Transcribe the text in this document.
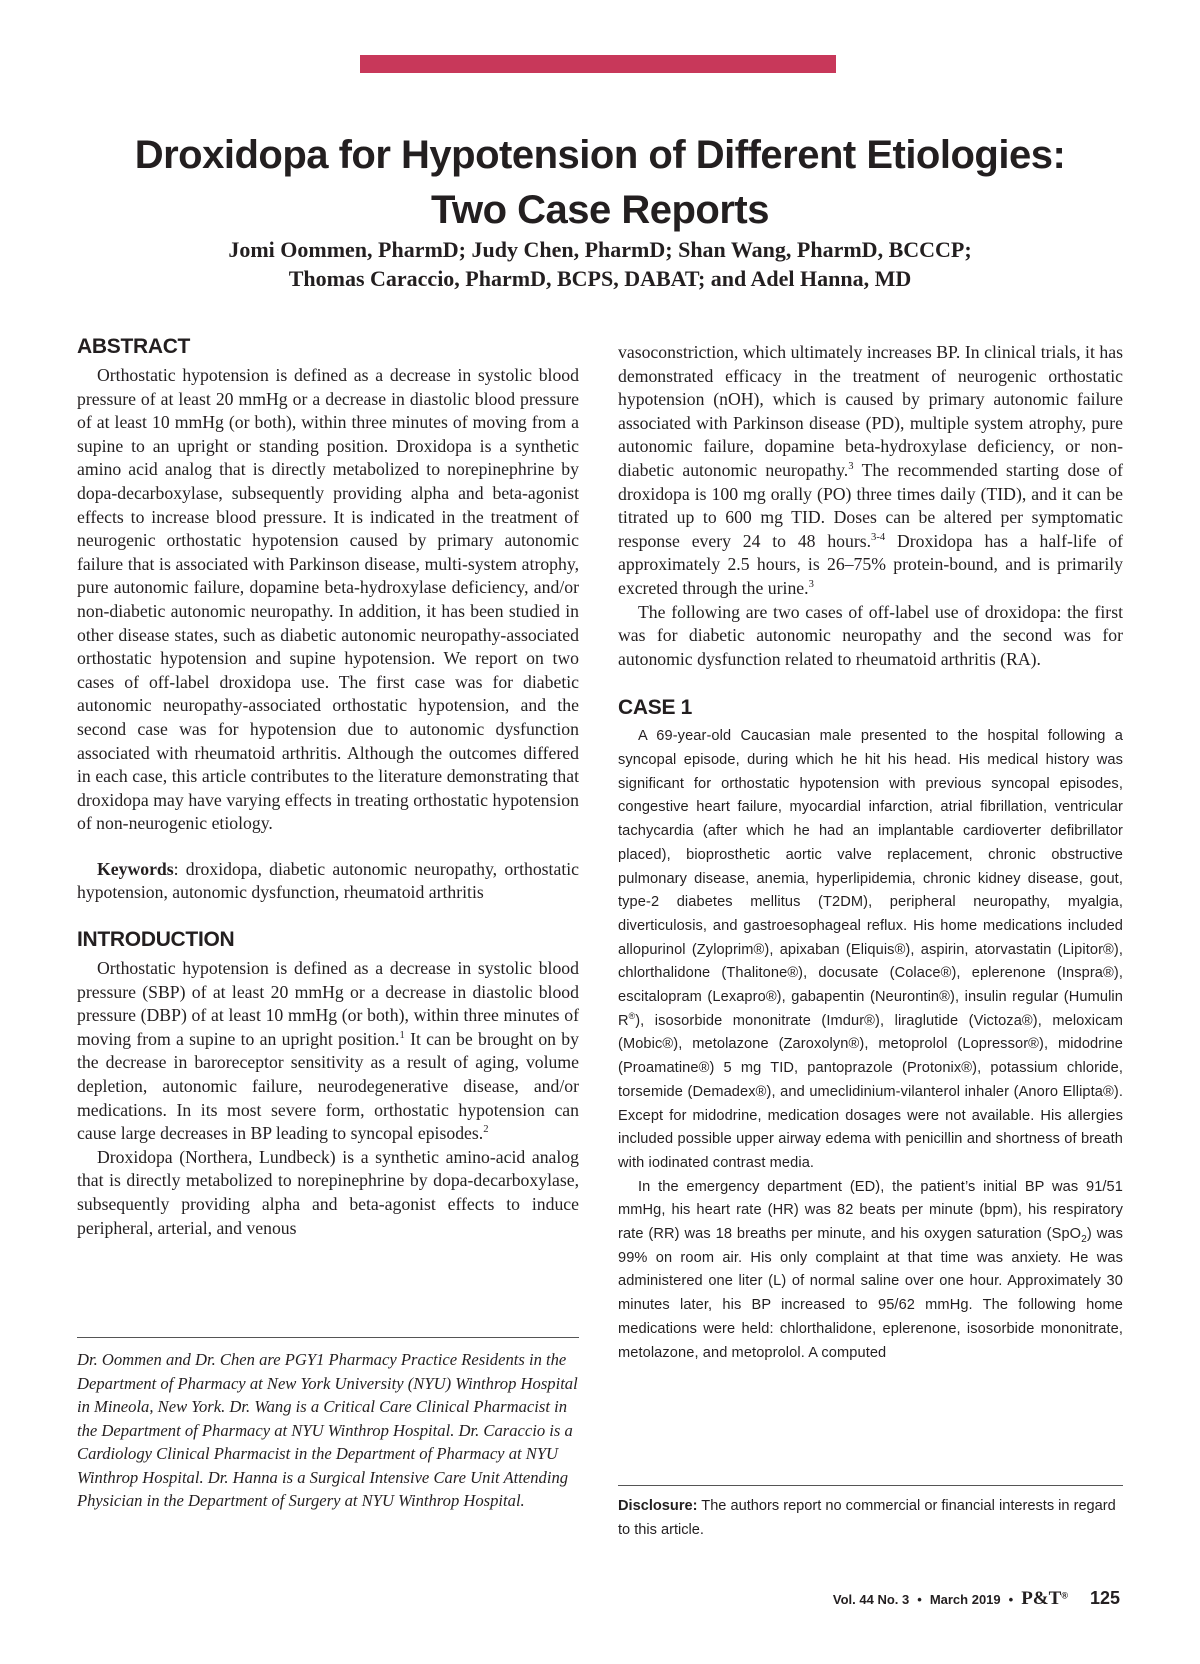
Droxidopa for Hypotension of Different Etiologies:
Two Case Reports

Jomi Oommen, PharmD; Judy Chen, PharmD; Shan Wang, PharmD, BCCCP;
Thomas Caraccio, PharmD, BCPS, DABAT; and Adel Hanna, MD

ABSTRACT

Orthostatic hypotension is defined as a decrease in systolic blood pressure of at least 20 mmHg or a decrease in diastolic blood pressure of at least 10 mmHg (or both), within three minutes of moving from a supine to an upright or standing position. Droxidopa is a synthetic amino acid analog that is directly metabolized to norepinephrine by dopa-decarboxylase, subsequently providing alpha and beta-agonist effects to increase blood pressure. It is indicated in the treatment of neurogenic orthostatic hypotension caused by primary autonomic failure that is associated with Parkinson disease, multi-system atrophy, pure autonomic failure, dopamine beta-hydroxylase deficiency, and/or non-diabetic autonomic neuropathy. In addition, it has been studied in other disease states, such as diabetic autonomic neuropathy-associated orthostatic hypotension and supine hypotension. We report on two cases of off-label droxidopa use. The first case was for diabetic autonomic neuropathy-associated orthostatic hypotension, and the second case was for hypotension due to autonomic dysfunction associated with rheumatoid arthritis. Although the outcomes differed in each case, this article contributes to the literature demonstrating that droxidopa may have varying effects in treating orthostatic hypotension of non-neurogenic etiology.

Keywords: droxidopa, diabetic autonomic neuropathy, orthostatic hypotension, autonomic dysfunction, rheumatoid arthritis

INTRODUCTION

Orthostatic hypotension is defined as a decrease in systolic blood pressure (SBP) of at least 20 mmHg or a decrease in diastolic blood pressure (DBP) of at least 10 mmHg (or both), within three minutes of moving from a supine to an upright position.$^1$ It can be brought on by the decrease in baroreceptor sensitivity as a result of aging, volume depletion, autonomic failure, neurodegenerative disease, and/or medications. In its most severe form, orthostatic hypotension can cause large decreases in BP leading to syncopal episodes.$^2$

Droxidopa (Northera, Lundbeck) is a synthetic amino-acid analog that is directly metabolized to norepinephrine by dopa-decarboxylase, subsequently providing alpha and beta-agonist effects to induce peripheral, arterial, and venous

vasoconstriction, which ultimately increases BP. In clinical trials, it has demonstrated efficacy in the treatment of neurogenic orthostatic hypotension (nOH), which is caused by primary autonomic failure associated with Parkinson disease (PD), multiple system atrophy, pure autonomic failure, dopamine beta-hydroxylase deficiency, or non-diabetic autonomic neuropathy.$^3$ The recommended starting dose of droxidopa is 100 mg orally (PO) three times daily (TID), and it can be titrated up to 600 mg TID. Doses can be altered per symptomatic response every 24 to 48 hours.$^{3-4}$ Droxidopa has a half-life of approximately 2.5 hours, is 26–75% protein-bound, and is primarily excreted through the urine.$^3$

The following are two cases of off-label use of droxidopa: the first was for diabetic autonomic neuropathy and the second was for autonomic dysfunction related to rheumatoid arthritis (RA).

CASE 1

A 69-year-old Caucasian male presented to the hospital following a syncopal episode, during which he hit his head. His medical history was significant for orthostatic hypotension with previous syncopal episodes, congestive heart failure, myocardial infarction, atrial fibrillation, ventricular tachycardia (after which he had an implantable cardioverter defibrillator placed), bioprosthetic aortic valve replacement, chronic obstructive pulmonary disease, anemia, hyperlipidemia, chronic kidney disease, gout, type-2 diabetes mellitus (T2DM), peripheral neuropathy, myalgia, diverticulosis, and gastroesophageal reflux. His home medications included allopurinol (Zyloprim®), apixaban (Eliquis®), aspirin, atorvastatin (Lipitor®), chlorthalidone (Thalitone®), docusate (Colace®), eplerenone (Inspra®), escitalopram (Lexapro®), gabapentin (Neurontin®), insulin regular (Humulin R®), isosorbide mononitrate (Imdur®), liraglutide (Victoza®), meloxicam (Mobic®), metolazone (Zaroxolyn®), metoprolol (Lopressor®), midodrine (Proamatine®) 5 mg TID, pantoprazole (Protonix®), potassium chloride, torsemide (Demadex®), and umeclidinium-vilanterol inhaler (Anoro Ellipta®). Except for midodrine, medication dosages were not available. His allergies included possible upper airway edema with penicillin and shortness of breath with iodinated contrast media.

In the emergency department (ED), the patient’s initial BP was 91/51 mmHg, his heart rate (HR) was 82 beats per minute (bpm), his respiratory rate (RR) was 18 breaths per minute, and his oxygen saturation (SpO$_2$) was 99% on room air. His only complaint at that time was anxiety. He was administered one liter (L) of normal saline over one hour. Approximately 30 minutes later, his BP increased to 95/62 mmHg. The following home medications were held: chlorthalidone, eplerenone, isosorbide mononitrate, metolazone, and metoprolol. A computed

Dr. Oommen and Dr. Chen are PGY1 Pharmacy Practice Residents in the Department of Pharmacy at New York University (NYU) Winthrop Hospital in Mineola, New York. Dr. Wang is a Critical Care Clinical Pharmacist in the Department of Pharmacy at NYU Winthrop Hospital. Dr. Caraccio is a Cardiology Clinical Pharmacist in the Department of Pharmacy at NYU Winthrop Hospital. Dr. Hanna is a Surgical Intensive Care Unit Attending Physician in the Department of Surgery at NYU Winthrop Hospital.	Disclosure: The authors report no commercial or financial interests in regard to this article.

Vol. 44 No. 3 • March 2019 • P&T® 125
